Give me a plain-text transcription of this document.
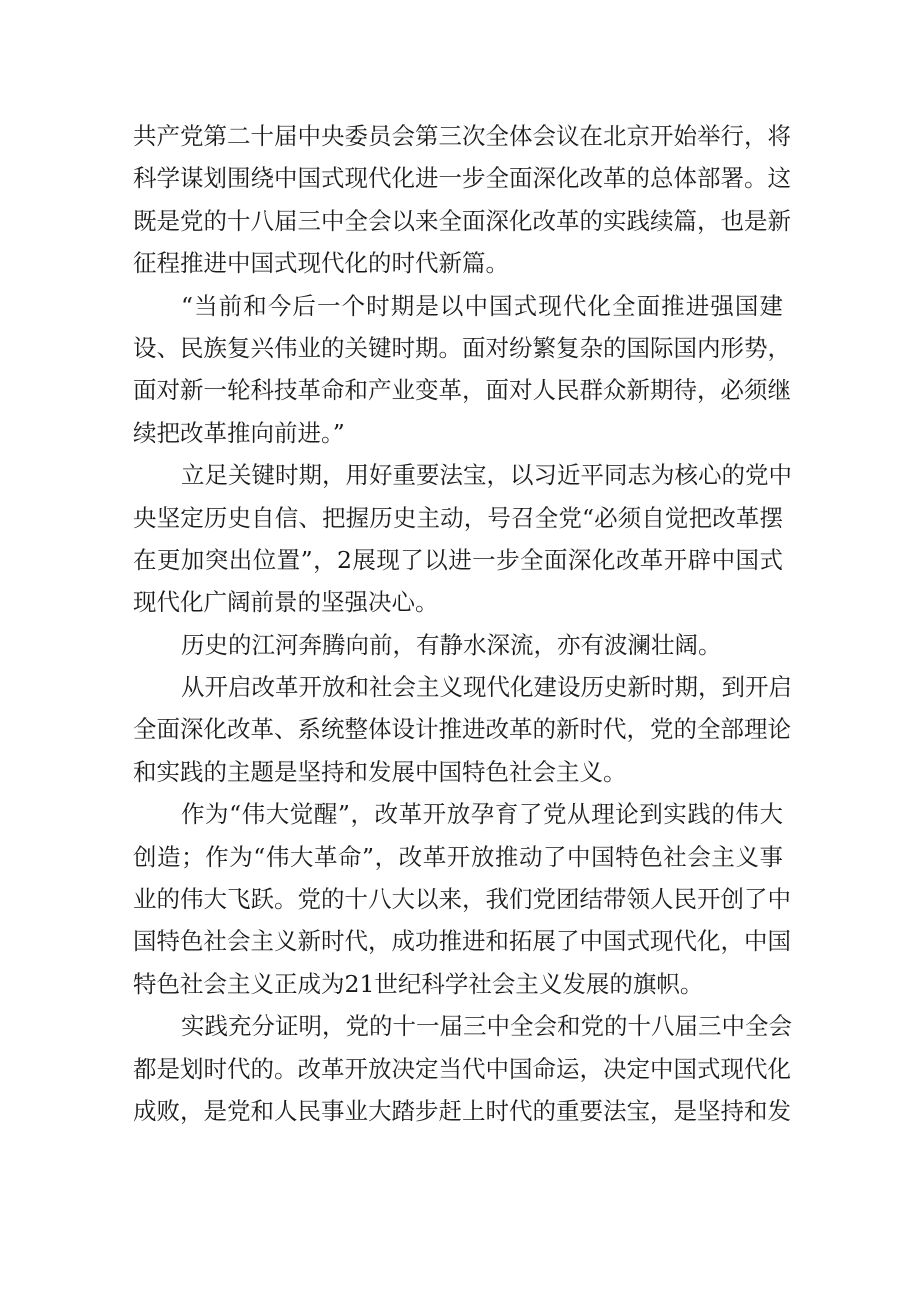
共产党第二十届中央委员会第三次全体会议在北京开始举行，将
科学谋划围绕中国式现代化进一步全面深化改革的总体部署。这
既是党的十八届三中全会以来全面深化改革的实践续篇，也是新
征程推进中国式现代化的时代新篇。
“当前和今后一个时期是以中国式现代化全面推进强国建
设、民族复兴伟业的关键时期。面对纷繁复杂的国际国内形势，
面对新一轮科技革命和产业变革，面对人民群众新期待，必须继
续把改革推向前进。”
立足关键时期，用好重要法宝，以习近平同志为核心的党中
央坚定历史自信、把握历史主动，号召全党“必须自觉把改革摆
在更加突出位置”，2展现了以进一步全面深化改革开辟中国式
现代化广阔前景的坚强决心。
历史的江河奔腾向前，有静水深流，亦有波澜壮阔。
从开启改革开放和社会主义现代化建设历史新时期，到开启
全面深化改革、系统整体设计推进改革的新时代，党的全部理论
和实践的主题是坚持和发展中国特色社会主义。
作为“伟大觉醒”，改革开放孕育了党从理论到实践的伟大
创造；作为“伟大革命”，改革开放推动了中国特色社会主义事
业的伟大飞跃。党的十八大以来，我们党团结带领人民开创了中
国特色社会主义新时代，成功推进和拓展了中国式现代化，中国
特色社会主义正成为21世纪科学社会主义发展的旗帜。
实践充分证明，党的十一届三中全会和党的十八届三中全会
都是划时代的。改革开放决定当代中国命运，决定中国式现代化
成败，是党和人民事业大踏步赶上时代的重要法宝，是坚持和发
